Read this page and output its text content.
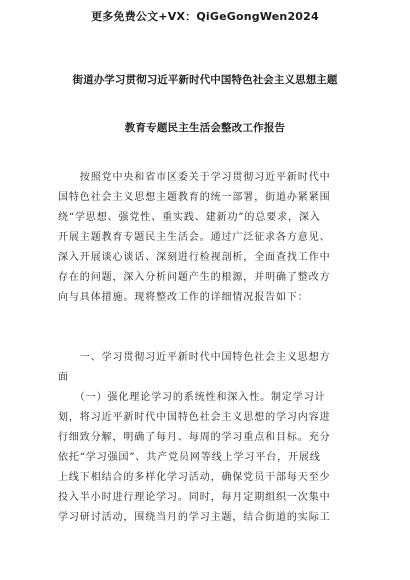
更多免费公文+VX：QiGeGongWen2024
街道办学习贯彻习近平新时代中国特色社会主义思想主题
教育专题民主生活会整改工作报告
　　按照党中央和省市区委关于学习贯彻习近平新时代中
国特色社会主义思想主题教育的统一部署，街道办紧紧围
绕“学思想、强党性、重实践、建新功”的总要求，深入
开展主题教育专题民主生活会。通过广泛征求各方意见、
深入开展谈心谈话、深刻进行检视剖析，全面查找工作中
存在的问题，深入分析问题产生的根源，并明确了整改方
向与具体措施。现将整改工作的详细情况报告如下：
　　一、学习贯彻习近平新时代中国特色社会主义思想方
面
　　（一）强化理论学习的系统性和深入性。制定学习计
划，将习近平新时代中国特色社会主义思想的学习内容进
行细致分解，明确了每月、每周的学习重点和目标。充分
依托“学习强国”、共产党员网等线上学习平台，开展线
上线下相结合的多样化学习活动，确保党员干部每天至少
投入半小时进行理论学习。同时，每月定期组织一次集中
学习研讨活动，围绕当月的学习主题，结合街道的实际工
